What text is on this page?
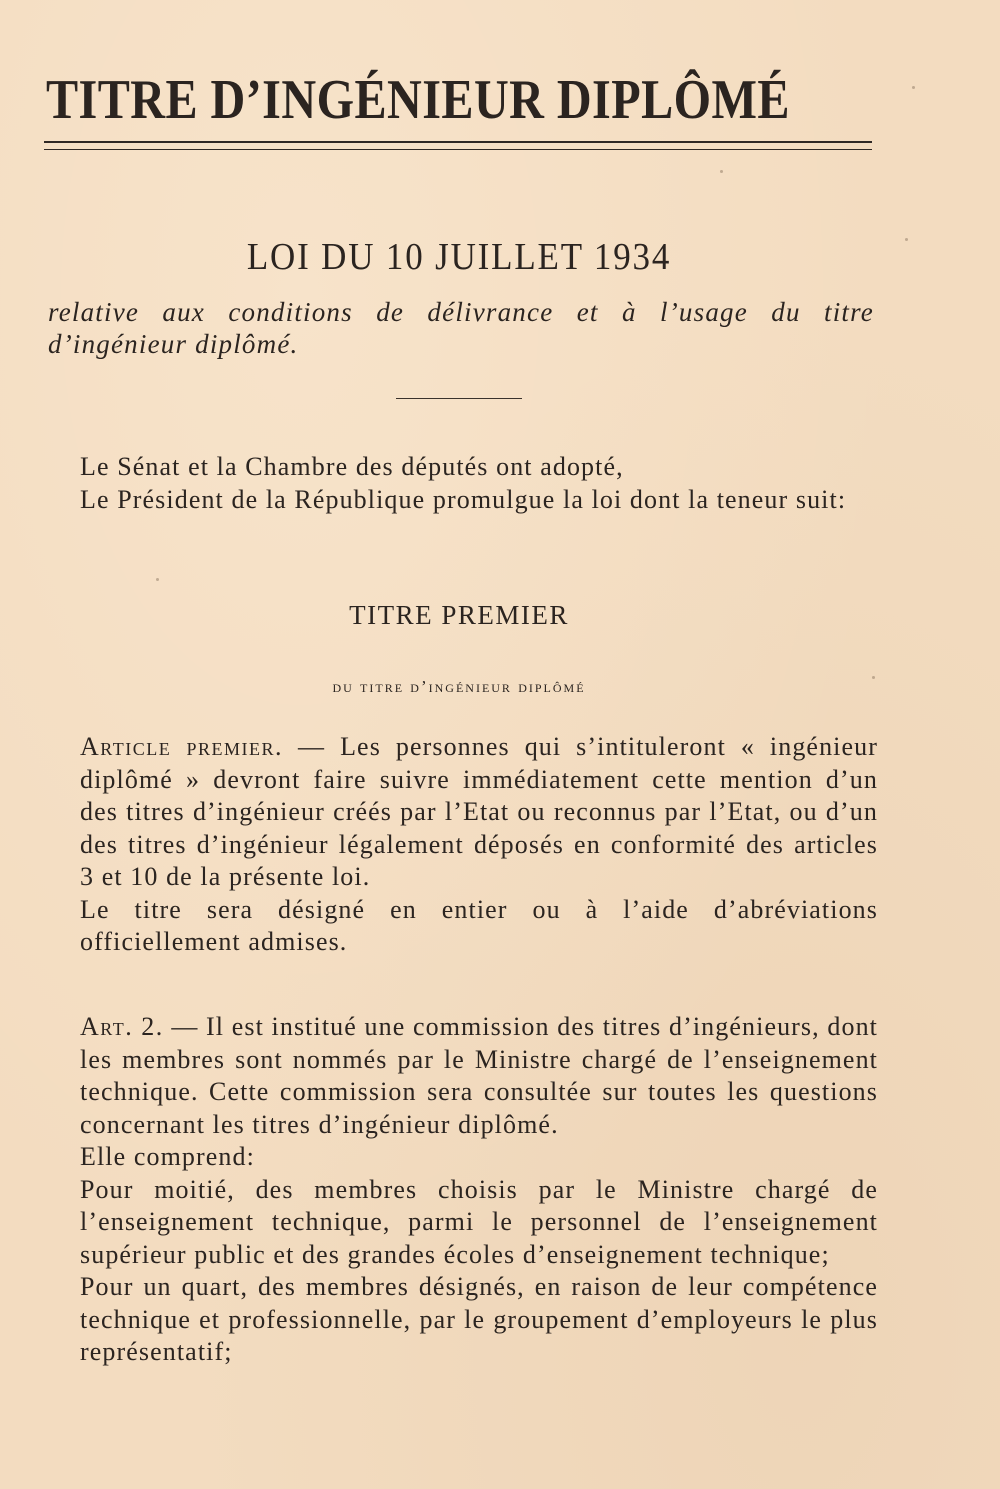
TITRE D’INGÉNIEUR DIPLÔMÉ
LOI DU 10 JUILLET 1934
relative aux conditions de délivrance et à l’usage du titre d’ingénieur diplômé.

Le Sénat et la Chambre des députés ont adopté,

Le Président de la République promulgue la loi dont la teneur suit:

TITRE PREMIER
du titre d’ingénieur diplômé

Article premier. — Les personnes qui s’intituleront « ingénieur diplômé » devront faire suivre immédiatement cette mention d’un des titres d’ingénieur créés par l’Etat ou reconnus par l’Etat, ou d’un des titres d’ingénieur légalement déposés en conformité des articles 3 et 10 de la présente loi.

Le titre sera désigné en entier ou à l’aide d’abréviations officiellement admises.

Art. 2. — Il est institué une commission des titres d’ingénieurs, dont les membres sont nommés par le Ministre chargé de l’enseignement technique. Cette commission sera consultée sur toutes les questions concernant les titres d’ingénieur diplômé.

Elle comprend:

Pour moitié, des membres choisis par le Ministre chargé de l’enseignement technique, parmi le personnel de l’enseignement supérieur public et des grandes écoles d’enseignement technique;

Pour un quart, des membres désignés, en raison de leur compétence technique et professionnelle, par le groupement d’employeurs le plus représentatif;
